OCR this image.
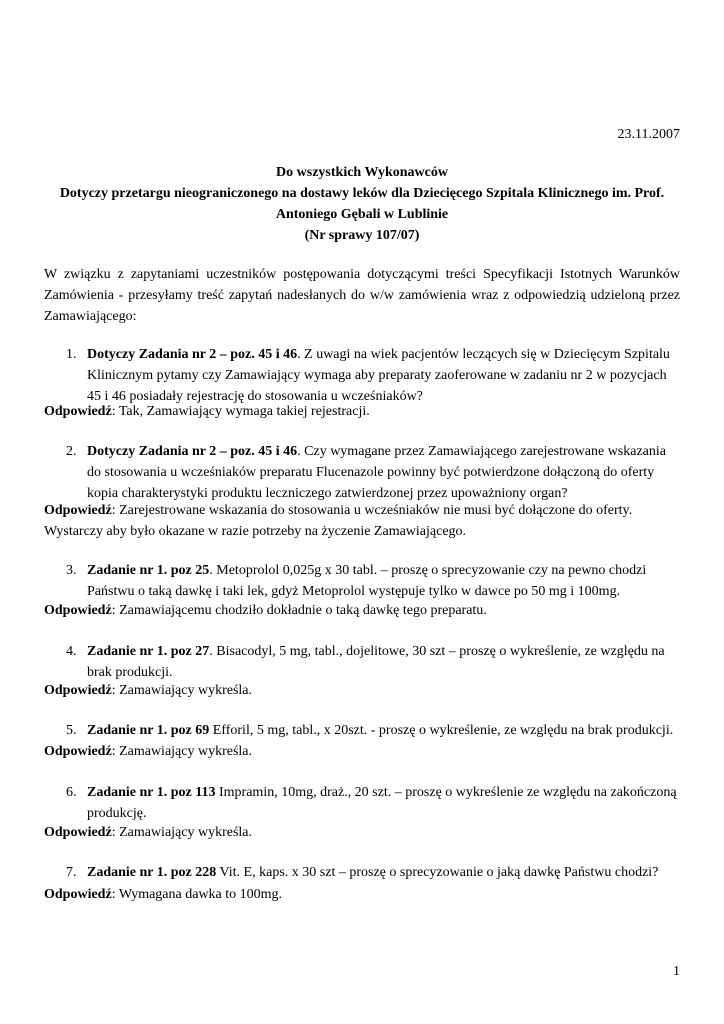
23.11.2007
Do wszystkich Wykonawców
Dotyczy przetargu nieograniczonego na dostawy leków dla Dziecięcego Szpitala Klinicznego im. Prof.
Antoniego Gębali w Lublinie
(Nr sprawy 107/07)
W związku z zapytaniami uczestników postępowania dotyczącymi treści Specyfikacji Istotnych Warunków Zamówienia - przesyłamy treść zapytań nadesłanych do w/w zamówienia wraz z odpowiedzią udzieloną przez Zamawiającego:
1. Dotyczy Zadania nr 2 – poz. 45 i 46. Z uwagi na wiek pacjentów leczących się w Dziecięcym Szpitalu Klinicznym pytamy czy Zamawiający wymaga aby preparaty zaoferowane w zadaniu nr 2 w pozycjach 45 i 46 posiadały rejestrację do stosowania u wcześniaków?
Odpowiedź: Tak, Zamawiający wymaga takiej rejestracji.
2. Dotyczy Zadania nr 2 – poz. 45 i 46. Czy wymagane przez Zamawiającego zarejestrowane wskazania do stosowania u wcześniaków preparatu Flucenazole powinny być potwierdzone dołączoną do oferty kopia charakterystyki produktu leczniczego zatwierdzonej przez upoważniony organ?
Odpowiedź: Zarejestrowane wskazania do stosowania u wcześniaków nie musi być dołączone do oferty. Wystarczy aby było okazane w razie potrzeby na życzenie Zamawiającego.
3. Zadanie nr 1. poz 25. Metoprolol 0,025g x 30 tabl. – proszę o sprecyzowanie czy na pewno chodzi Państwu o taką dawkę i taki lek, gdyż Metoprolol występuje tylko w dawce po 50 mg i 100mg.
Odpowiedź: Zamawiającemu chodziło dokładnie o taką dawkę tego preparatu.
4. Zadanie nr 1. poz 27. Bisacodyl, 5 mg, tabl., dojelitowe, 30 szt – proszę o wykreślenie, ze względu na brak produkcji.
Odpowiedź: Zamawiający wykreśla.
5. Zadanie nr 1. poz 69 Efforil, 5 mg, tabl., x 20szt. - proszę o wykreślenie, ze względu na brak produkcji.
Odpowiedź: Zamawiający wykreśla.
6. Zadanie nr 1. poz 113 Impramin, 10mg, draż., 20 szt. – proszę o wykreślenie ze względu na zakończoną produkcję.
Odpowiedź: Zamawiający wykreśla.
7. Zadanie nr 1. poz 228 Vit. E, kaps. x 30 szt – proszę o sprecyzowanie o jaką dawkę Państwu chodzi?
Odpowiedź: Wymagana dawka to 100mg.
1
